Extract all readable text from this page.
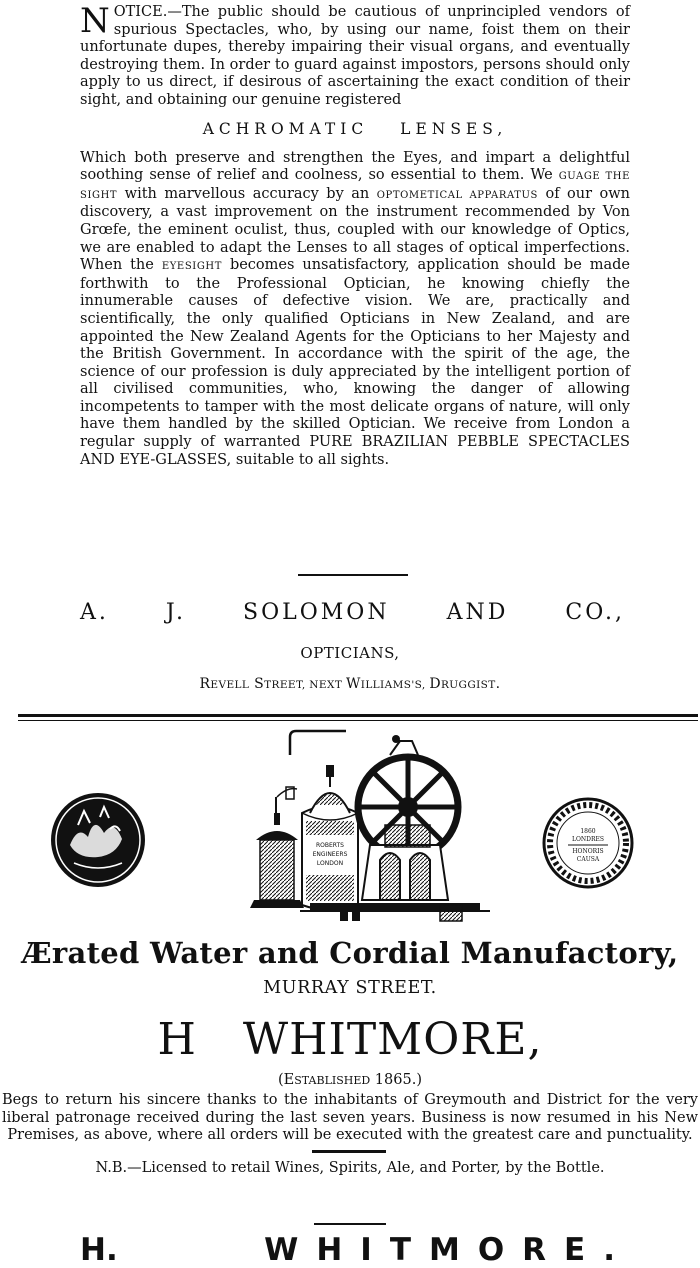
NOTICE.—The public should be cautious of unprincipled vendors of spurious Spectacles, who, by using our name, foist them on their unfortunate dupes, thereby impairing their visual organs, and eventually destroying them. In order to guard against impostors, persons should only apply to us direct, if desirous of ascertaining the exact condition of their sight, and obtaining our genuine registered

ACHROMATIC LENSES,

Which both preserve and strengthen the Eyes, and impart a delightful soothing sense of relief and coolness, so essential to them. We GUAGE THE SIGHT with marvellous accuracy by an OPTOMETICAL APPARATUS of our own discovery, a vast improvement on the instrument recommended by Von Grœfe, the eminent oculist, thus, coupled with our knowledge of Optics, we are enabled to adapt the Lenses to all stages of optical imperfections. When the EYESIGHT becomes unsatisfactory, application should be made forthwith to the Professional Optician, he knowing chiefly the innumerable causes of defective vision. We are, practically and scientifically, the only qualified Opticians in New Zealand, and are appointed the New Zealand Agents for the Opticians to her Majesty and the British Government. In accordance with the spirit of the age, the science of our profession is duly appreciated by the intelligent portion of all civilised communities, who, knowing the danger of allowing incompetents to tamper with the most delicate organs of nature, will only have them handled by the skilled Optician. We receive from London a regular supply of warranted PURE BRAZILIAN PEBBLE SPECTACLES AND EYE-GLASSES, suitable to all sights.

A.	J.	SOLOMON	AND	CO.,
OPTICIANS,
REVELL STREET, NEXT WILLIAMS'S, DRUGGIST.
ROBERTS
ENGINEERS
LONDON
1860
LONDRES
HONORIS
CAUSA
Ærated Water and Cordial Manufactory,
MURRAY STREET.
H WHITMORE,
(ESTABLISHED 1865.)

Begs to return his sincere thanks to the inhabitants of Greymouth and District for the very liberal patronage received during the last seven years. Business is now resumed in his New Premises, as above, where all orders will be executed with the greatest care and punctuality.

N.B.—Licensed to retail Wines, Spirits, Ale, and Porter, by the Bottle.
H.	WHITMORE.
